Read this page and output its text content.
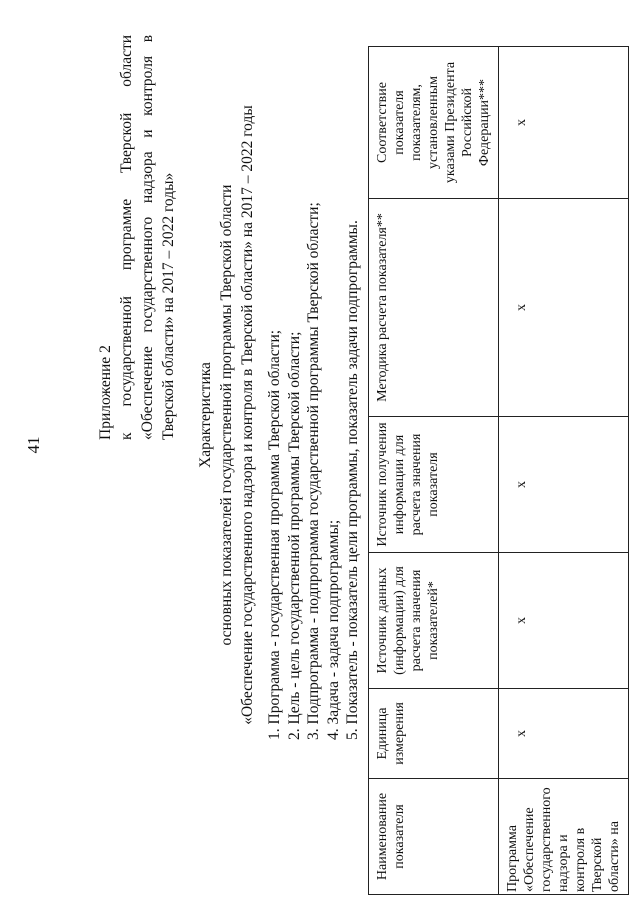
41
Приложение 2 к государственной программе Тверской области
«Обеспечение государственного надзора и контроля в
Тверской области» на 2017 – 2022 годы» Характеристика основных показателей государственной программы Тверской области «Обеспечение государственного надзора и контроля в Тверской области» на 2017 – 2022 годы 1. Программа - государственная программа Тверской области; 2. Цель - цель государственной программы Тверской области; 3. Подпрограмма - подпрограмма государственной программы Тверской области; 4. Задача - задача подпрограммы; 5. Показатель - показатель цели программы, показатель задачи подпрограммы.
Наименование показателя	Единица измерения	Источник данных (информации) для расчета значения показателей*	Источник получения информации для расчета значения показателя	Методика расчета показателя**	Соответствие показателя показателям, установленным указами Президента Российской Федерации***
Программа «Обеспечение государственного надзора и контроля в Тверской области» на	х	х	х	х	х
